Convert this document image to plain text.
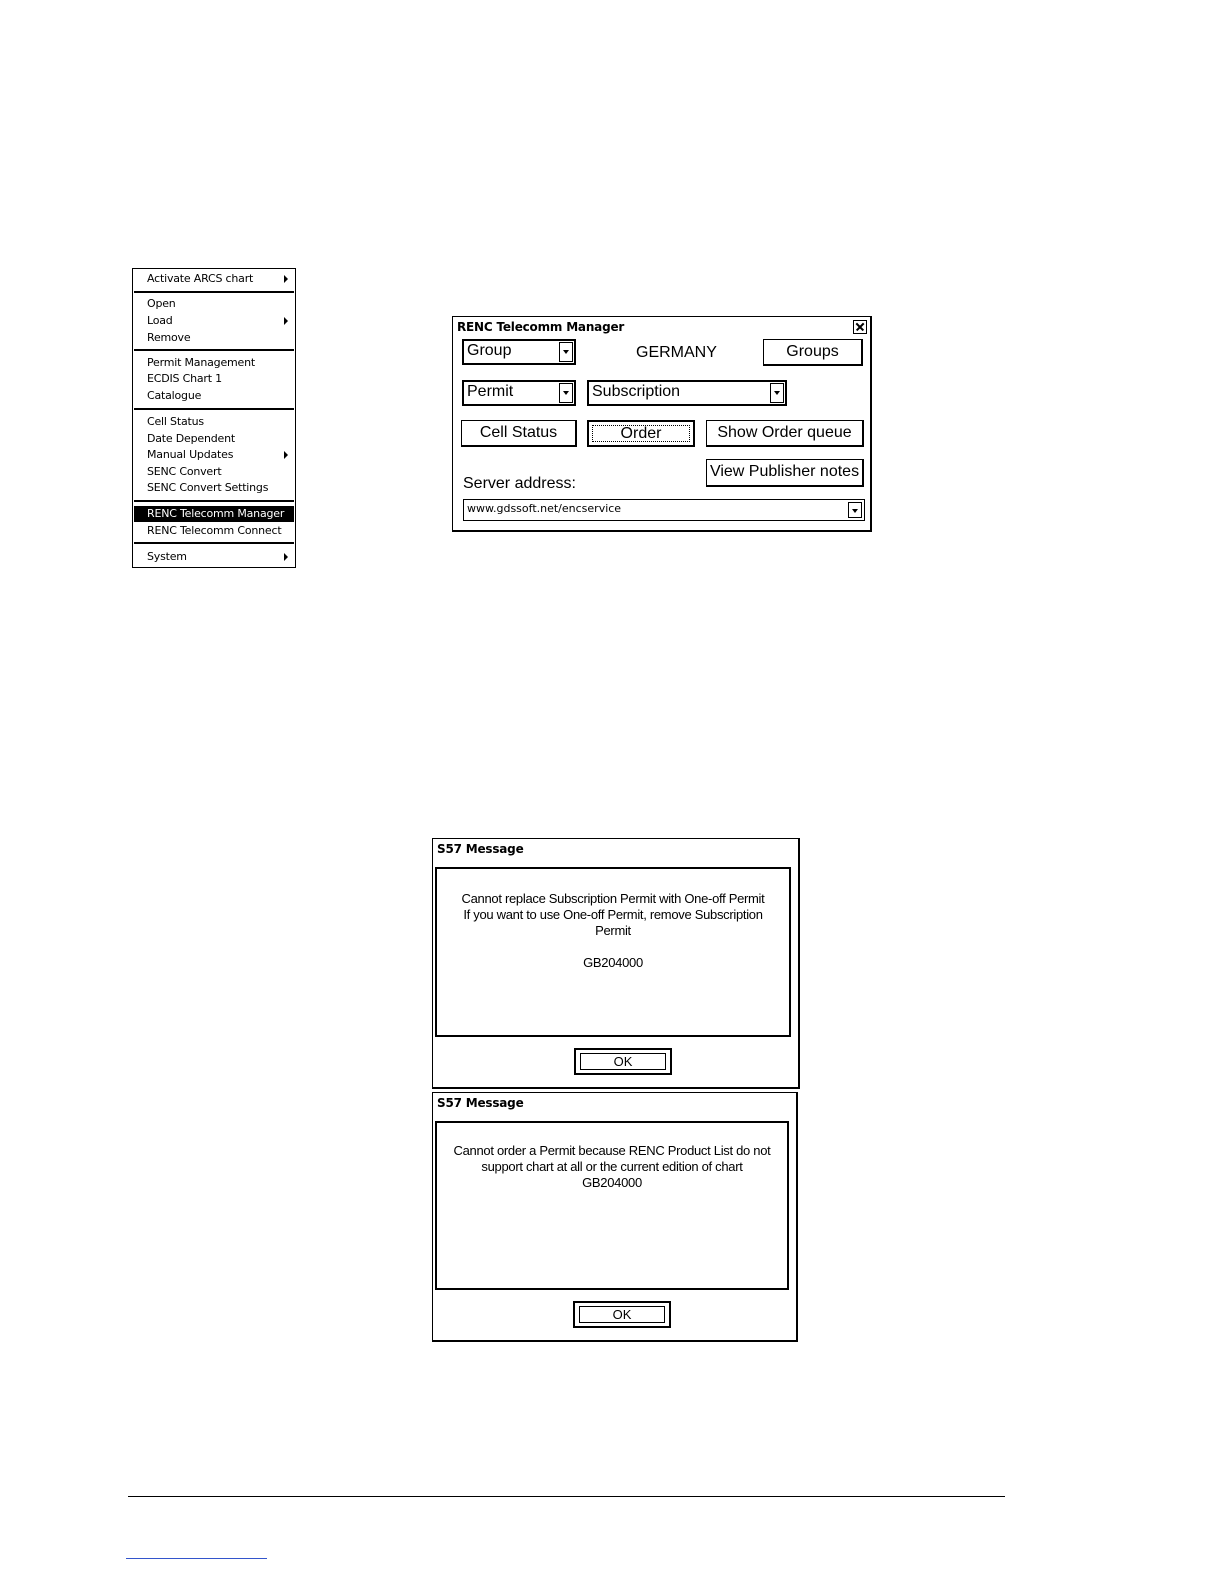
Activate ARCS chart
Open
Load
Remove
Permit Management
ECDIS Chart 1
Catalogue
Cell Status
Date Dependent
Manual Updates
SENC Convert
SENC Convert Settings
RENC Telecomm Manager
RENC Telecomm Connect
System
RENC Telecomm Manager
Group	GERMANY	Groups
Permit	Subscription
Cell Status	Order	Show Order queue
View Publisher notes
Server address:
www.gdssoft.net/encservice
S57 Message
Cannot replace Subscription Permit with One-off Permit
If you want to use One-off Permit, remove Subscription
Permit
GB204000
OK
S57 Message
Cannot order a Permit because RENC Product List do not
support chart at all or the current edition of chart
GB204000
OK
